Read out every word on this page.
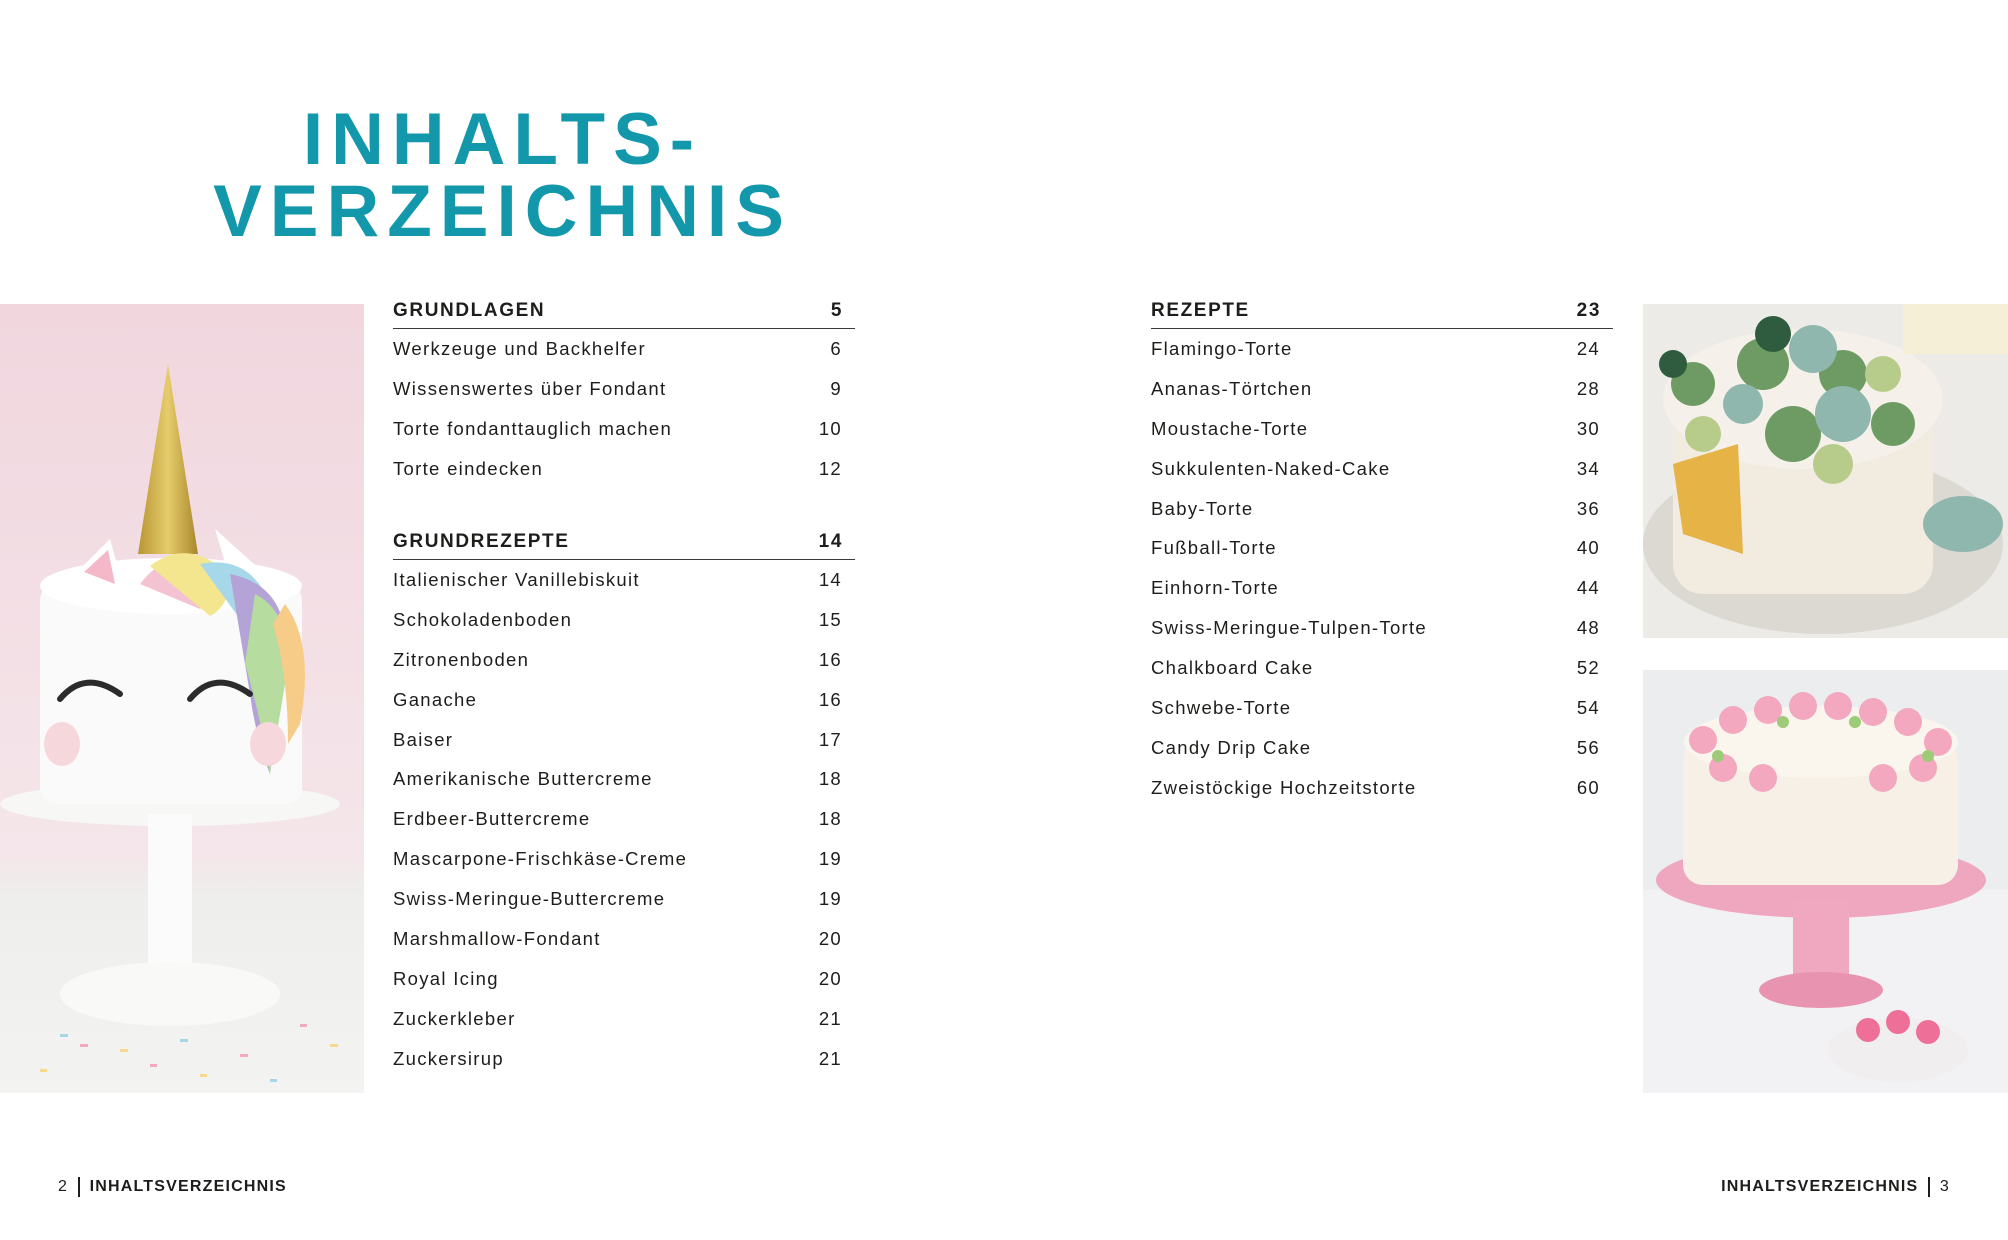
INHALTS-
VERZEICHNIS
GRUNDLAGEN	5
Werkzeuge und Backhelfer	6
Wissenswertes über Fondant	9
Torte fondanttauglich machen	10
Torte eindecken	12
GRUNDREZEPTE	14
Italienischer Vanillebiskuit	14
Schokoladenboden	15
Zitronenboden	16
Ganache	16
Baiser	17
Amerikanische Buttercreme	18
Erdbeer-Buttercreme	18
Mascarpone-Frischkäse-Creme	19
Swiss-Meringue-Buttercreme	19
Marshmallow-Fondant	20
Royal Icing	20
Zuckerkleber	21
Zuckersirup	21
REZEPTE	23
Flamingo-Torte	24
Ananas-Törtchen	28
Moustache-Torte	30
Sukkulenten-Naked-Cake	34
Baby-Torte	36
Fußball-Torte	40
Einhorn-Torte	44
Swiss-Meringue-Tulpen-Torte	48
Chalkboard Cake	52
Schwebe-Torte	54
Candy Drip Cake	56
Zweistöckige Hochzeitstorte	60
2 INHALTSVERZEICHNIS	INHALTSVERZEICHNIS 3
